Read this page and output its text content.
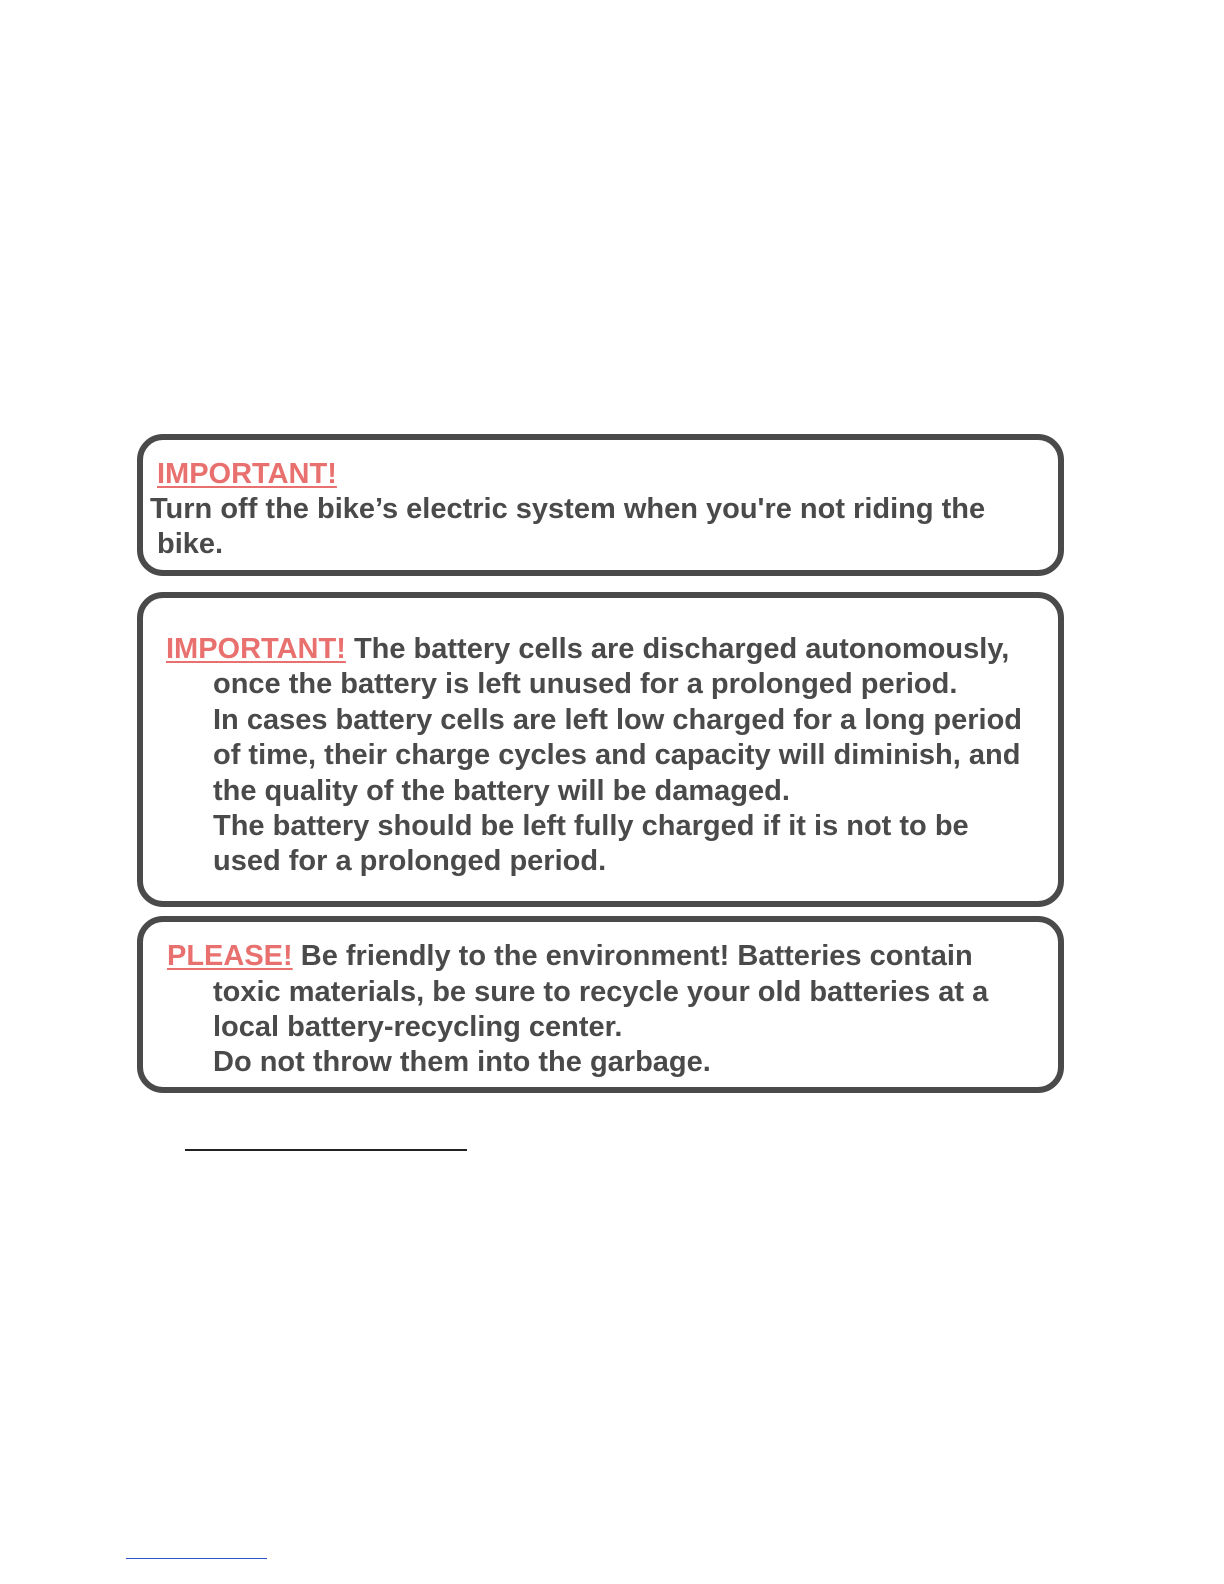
IMPORTANT!
Turn off the bike’s electric system when you're not riding the
bike.
IMPORTANT! The battery cells are discharged autonomously,
once the battery is left unused for a prolonged period.
In cases battery cells are left low charged for a long period
of time, their charge cycles and capacity will diminish, and
the quality of the battery will be damaged.
The battery should be left fully charged if it is not to be
used for a prolonged period.
PLEASE! Be friendly to the environment! Batteries contain
toxic materials, be sure to recycle your old batteries at a
local battery-recycling center.
Do not throw them into the garbage.
